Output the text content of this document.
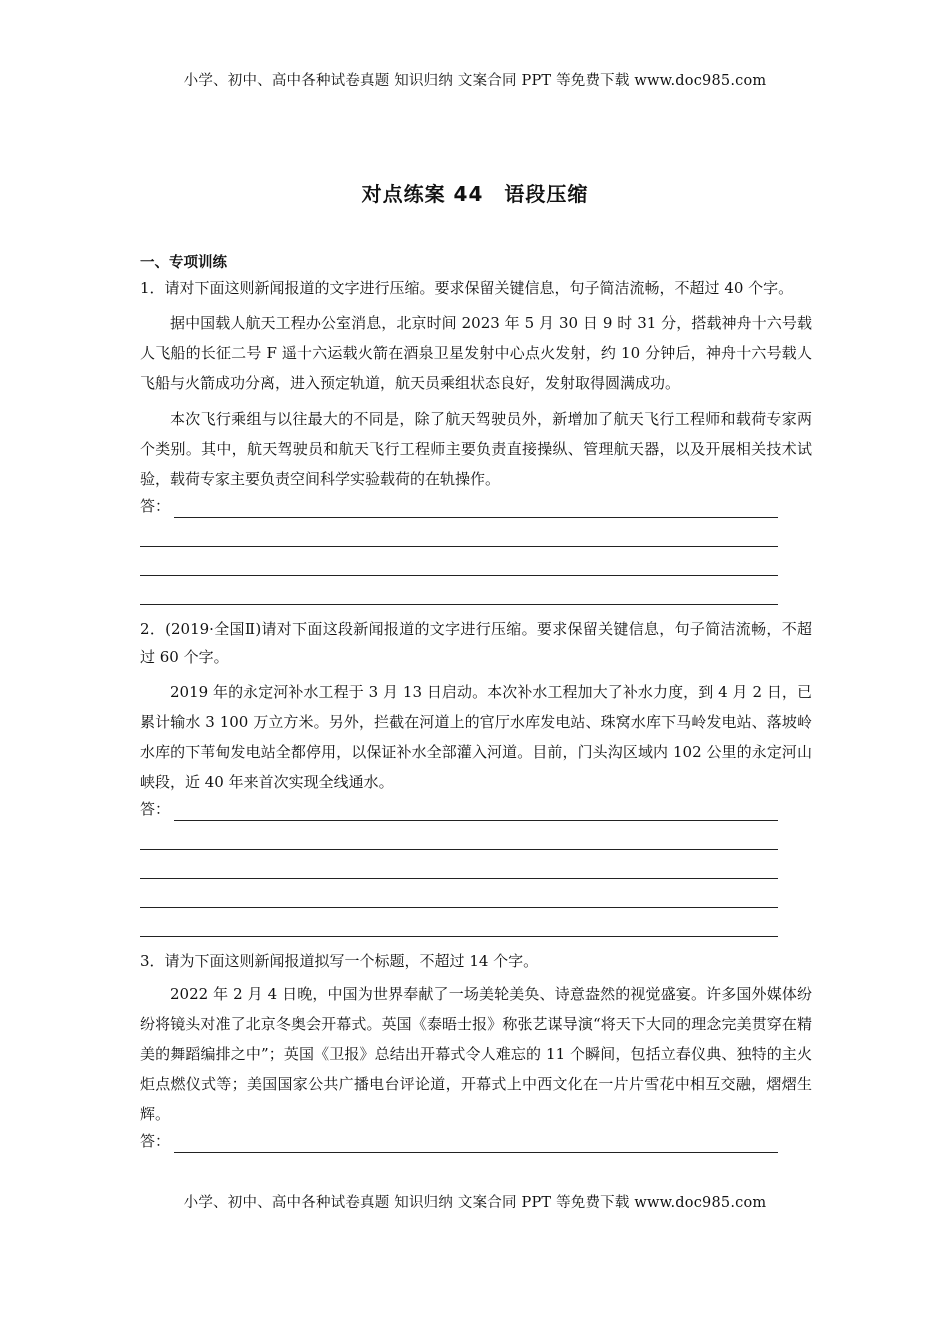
小学、初中、高中各种试卷真题 知识归纳 文案合同 PPT 等免费下载 www.doc985.com
对点练案 44　语段压缩
一、专项训练

1．请对下面这则新闻报道的文字进行压缩。要求保留关键信息，句子简洁流畅，不超过 40 个字。

据中国载人航天工程办公室消息，北京时间 2023 年 5 月 30 日 9 时 31 分，搭载神舟十六号载人飞船的长征二号 F 遥十六运载火箭在酒泉卫星发射中心点火发射，约 10 分钟后，神舟十六号载人飞船与火箭成功分离，进入预定轨道，航天员乘组状态良好，发射取得圆满成功。

本次飞行乘组与以往最大的不同是，除了航天驾驶员外，新增加了航天飞行工程师和载荷专家两个类别。其中，航天驾驶员和航天飞行工程师主要负责直接操纵、管理航天器，以及开展相关技术试验，载荷专家主要负责空间科学实验载荷的在轨操作。

答：

2．(2019·全国Ⅱ)请对下面这段新闻报道的文字进行压缩。要求保留关键信息，句子简洁流畅，不超过 60 个字。

2019 年的永定河补水工程于 3 月 13 日启动。本次补水工程加大了补水力度，到 4 月 2 日，已累计输水 3 100 万立方米。另外，拦截在河道上的官厅水库发电站、珠窝水库下马岭发电站、落坡岭水库的下苇甸发电站全都停用，以保证补水全部灌入河道。目前，门头沟区域内 102 公里的永定河山峡段，近 40 年来首次实现全线通水。

答：

3．请为下面这则新闻报道拟写一个标题，不超过 14 个字。

2022 年 2 月 4 日晚，中国为世界奉献了一场美轮美奂、诗意盎然的视觉盛宴。许多国外媒体纷纷将镜头对准了北京冬奥会开幕式。英国《泰晤士报》称张艺谋导演“将天下大同的理念完美贯穿在精美的舞蹈编排之中”；英国《卫报》总结出开幕式令人难忘的 11 个瞬间，包括立春仪典、独特的主火炬点燃仪式等；美国国家公共广播电台评论道，开幕式上中西文化在一片片雪花中相互交融，熠熠生辉。

答：
小学、初中、高中各种试卷真题 知识归纳 文案合同 PPT 等免费下载 www.doc985.com
